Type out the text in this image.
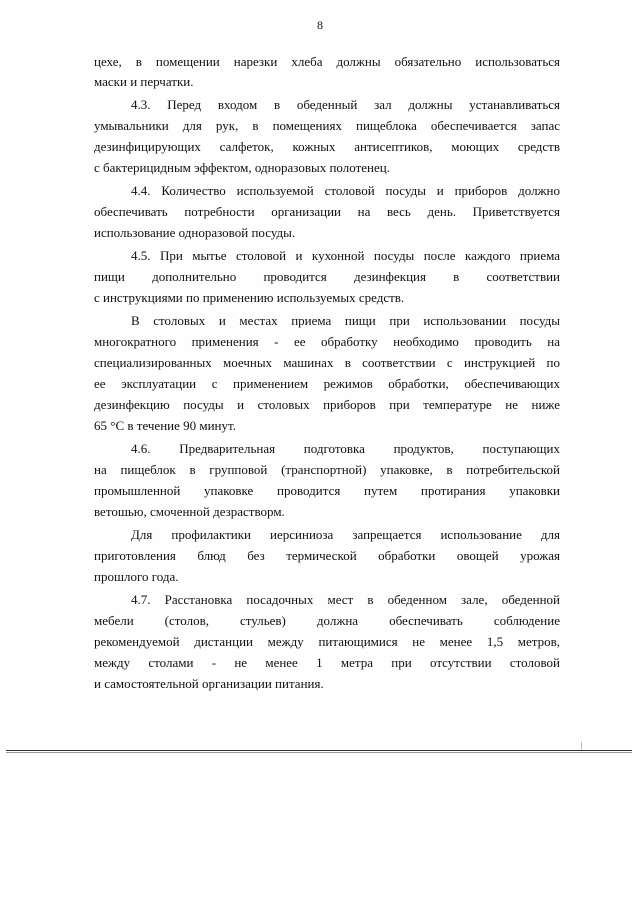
8
цехе, в помещении нарезки хлеба должны обязательно использоваться
маски и перчатки.
4.3. Перед входом в обеденный зал должны устанавливаться
умывальники для рук, в помещениях пищеблока обеспечивается запас
дезинфицирующих салфеток, кожных антисептиков, моющих средств
с бактерицидным эффектом, одноразовых полотенец.
4.4. Количество используемой столовой посуды и приборов должно
обеспечивать потребности организации на весь день. Приветствуется
использование одноразовой посуды.
4.5. При мытье столовой и кухонной посуды после каждого приема
пищи дополнительно проводится дезинфекция в соответствии
с инструкциями по применению используемых средств.
В столовых и местах приема пищи при использовании посуды
многократного применения - ее обработку необходимо проводить на
специализированных моечных машинах в соответствии с инструкцией по
ее эксплуатации с применением режимов обработки, обеспечивающих
дезинфекцию посуды и столовых приборов при температуре не ниже
65 °С в течение 90 минут.
4.6. Предварительная подготовка продуктов, поступающих
на пищеблок в групповой (транспортной) упаковке, в потребительской
промышленной упаковке проводится путем протирания упаковки
ветошью, смоченной дезрастворм.
Для профилактики иерсиниоза запрещается использование для
приготовления блюд без термической обработки овощей урожая
прошлого года.
4.7. Расстановка посадочных мест в обеденном зале, обеденной
мебели (столов, стульев) должна обеспечивать соблюдение
рекомендуемой дистанции между питающимися не менее 1,5 метров,
между столами - не менее 1 метра при отсутствии столовой
и самостоятельной организации питания.
